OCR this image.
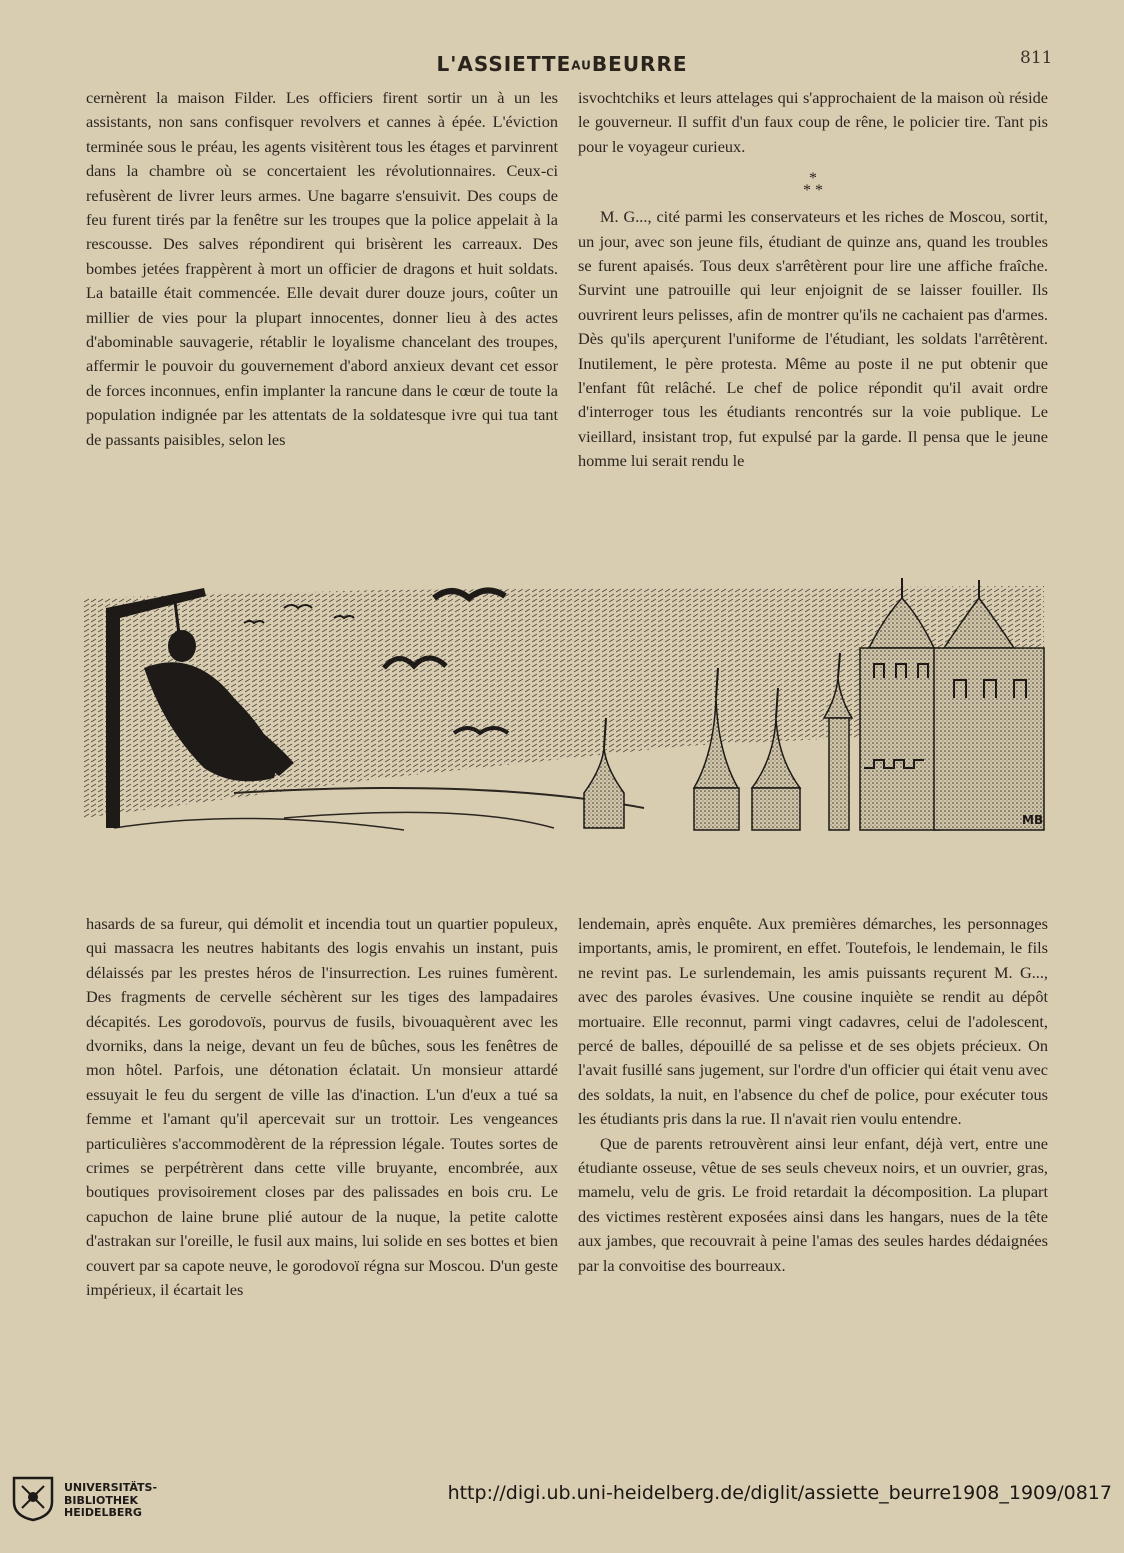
L'ASSIETTEAUBEURRE	811

cernèrent la maison Filder. Les officiers firent sortir un à un les assistants, non sans confisquer revolvers et cannes à épée. L'éviction terminée sous le préau, les agents visitèrent tous les étages et parvinrent dans la chambre où se concertaient les révolutionnaires. Ceux-ci refusèrent de livrer leurs armes. Une bagarre s'ensuivit. Des coups de feu furent tirés par la fenêtre sur les troupes que la police appelait à la rescousse. Des salves répondirent qui brisèrent les carreaux. Des bombes jetées frappèrent à mort un officier de dragons et huit soldats. La bataille était commencée. Elle devait durer douze jours, coûter un millier de vies pour la plupart innocentes, donner lieu à des actes d'abominable sauvagerie, rétablir le loyalisme chancelant des troupes, affermir le pouvoir du gouvernement d'abord anxieux devant cet essor de forces inconnues, enfin implanter la rancune dans le cœur de toute la population indignée par les attentats de la soldatesque ivre qui tua tant de passants paisibles, selon les

isvochtchiks et leurs attelages qui s'approchaient de la maison où réside le gouverneur. Il suffit d'un faux coup de rêne, le policier tire. Tant pis pour le voyageur curieux.

*
* *

M. G..., cité parmi les conservateurs et les riches de Moscou, sortit, un jour, avec son jeune fils, étudiant de quinze ans, quand les troubles se furent apaisés. Tous deux s'arrêtèrent pour lire une affiche fraîche. Survint une patrouille qui leur enjoignit de se laisser fouiller. Ils ouvrirent leurs pelisses, afin de montrer qu'ils ne cachaient pas d'armes. Dès qu'ils aperçurent l'uniforme de l'étudiant, les soldats l'arrêtèrent. Inutilement, le père protesta. Même au poste il ne put obtenir que l'enfant fût relâché. Le chef de police répondit qu'il avait ordre d'interroger tous les étudiants rencontrés sur la voie publique. Le vieillard, insistant trop, fut expulsé par la garde. Il pensa que le jeune homme lui serait rendu le

MB

hasards de sa fureur, qui démolit et incendia tout un quartier populeux, qui massacra les neutres habitants des logis envahis un instant, puis délaissés par les prestes héros de l'insurrection. Les ruines fumèrent. Des fragments de cervelle séchèrent sur les tiges des lampadaires décapités. Les gorodovoïs, pourvus de fusils, bivouaquèrent avec les dvorniks, dans la neige, devant un feu de bûches, sous les fenêtres de mon hôtel. Parfois, une détonation éclatait. Un monsieur attardé essuyait le feu du sergent de ville las d'inaction. L'un d'eux a tué sa femme et l'amant qu'il apercevait sur un trottoir. Les vengeances particulières s'accommodèrent de la répression légale. Toutes sortes de crimes se perpétrèrent dans cette ville bruyante, encombrée, aux boutiques provisoirement closes par des palissades en bois cru. Le capuchon de laine brune plié autour de la nuque, la petite calotte d'astrakan sur l'oreille, le fusil aux mains, lui solide en ses bottes et bien couvert par sa capote neuve, le gorodovoï régna sur Moscou. D'un geste impérieux, il écartait les

lendemain, après enquête. Aux premières démarches, les personnages importants, amis, le promirent, en effet. Toutefois, le lendemain, le fils ne revint pas. Le surlendemain, les amis puissants reçurent M. G..., avec des paroles évasives. Une cousine inquiète se rendit au dépôt mortuaire. Elle reconnut, parmi vingt cadavres, celui de l'adolescent, percé de balles, dépouillé de sa pelisse et de ses objets précieux. On l'avait fusillé sans jugement, sur l'ordre d'un officier qui était venu avec des soldats, la nuit, en l'absence du chef de police, pour exécuter tous les étudiants pris dans la rue. Il n'avait rien voulu entendre.

Que de parents retrouvèrent ainsi leur enfant, déjà vert, entre une étudiante osseuse, vêtue de ses seuls cheveux noirs, et un ouvrier, gras, mamelu, velu de gris. Le froid retardait la décomposition. La plupart des victimes restèrent exposées ainsi dans les hangars, nues de la tête aux jambes, que recouvrait à peine l'amas des seules hardes dédaignées par la convoitise des bourreaux.

UNIVERSITÄTS-
BIBLIOTHEK
HEIDELBERG
http://digi.ub.uni-heidelberg.de/diglit/assiette_beurre1908_1909/0817
